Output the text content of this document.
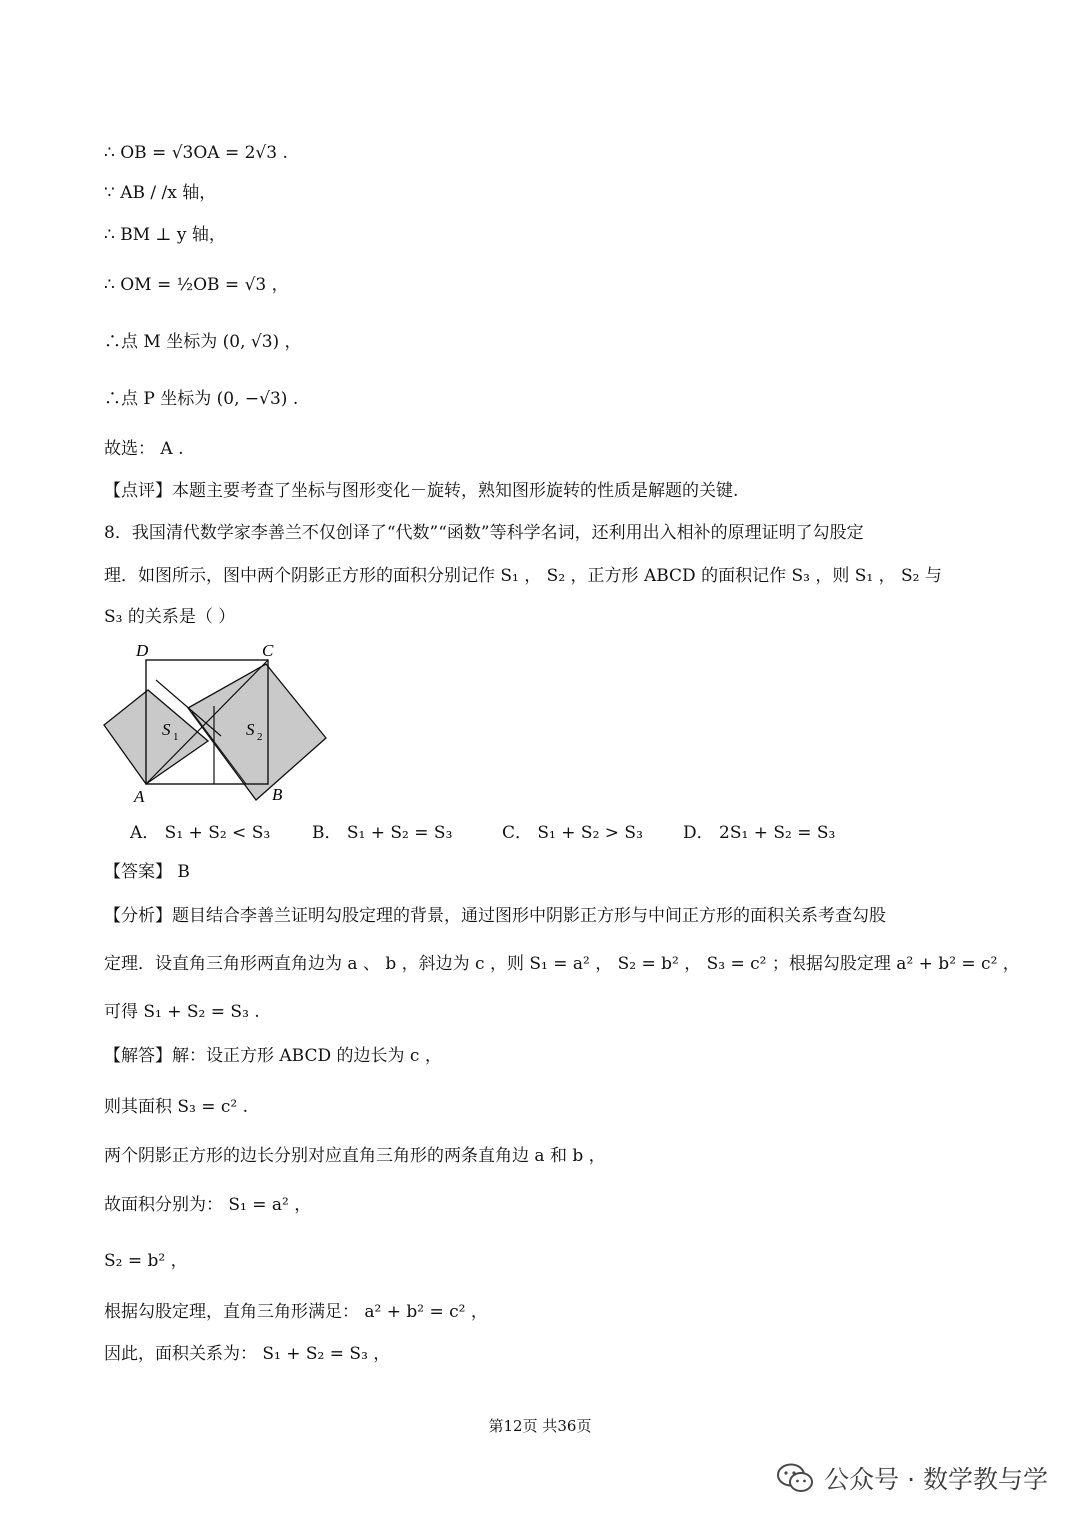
∴ OB = √3OA = 2√3 .
∵ AB / /x 轴，
∴ BM ⊥ y 轴，
∴ OM = ½OB = √3 ，
∴点 M 坐标为 (0, √3) ，
∴点 P 坐标为 (0, −√3) .
故选： A .
【点评】本题主要考查了坐标与图形变化－旋转，熟知图形旋转的性质是解题的关键.
8．我国清代数学家李善兰不仅创译了“代数”“函数”等科学名词，还利用出入相补的原理证明了勾股定
理．如图所示，图中两个阴影正方形的面积分别记作 S₁ ， S₂ ，正方形 ABCD 的面积记作 S₃ ，则 S₁ ， S₂ 与
S₃ 的关系是（ ）
D	C
A	B
S 1	S 2
A． S₁ + S₂ < S₃ B． S₁ + S₂ = S₃	C． S₁ + S₂ > S₃ D． 2S₁ + S₂ = S₃
【答案】 B
【分析】题目结合李善兰证明勾股定理的背景，通过图形中阴影正方形与中间正方形的面积关系考查勾股
定理．设直角三角形两直角边为 a 、 b ，斜边为 c ，则 S₁ = a² ， S₂ = b² ， S₃ = c² ；根据勾股定理 a² + b² = c² ，
可得 S₁ + S₂ = S₃ .
【解答】解：设正方形 ABCD 的边长为 c ，
则其面积 S₃ = c² .
两个阴影正方形的边长分别对应直角三角形的两条直角边 a 和 b ，
故面积分别为： S₁ = a² ，
S₂ = b² ，
根据勾股定理，直角三角形满足： a² + b² = c² ，
因此，面积关系为： S₁ + S₂ = S₃ ，
第12页 共36页
公众号 · 数学教与学
